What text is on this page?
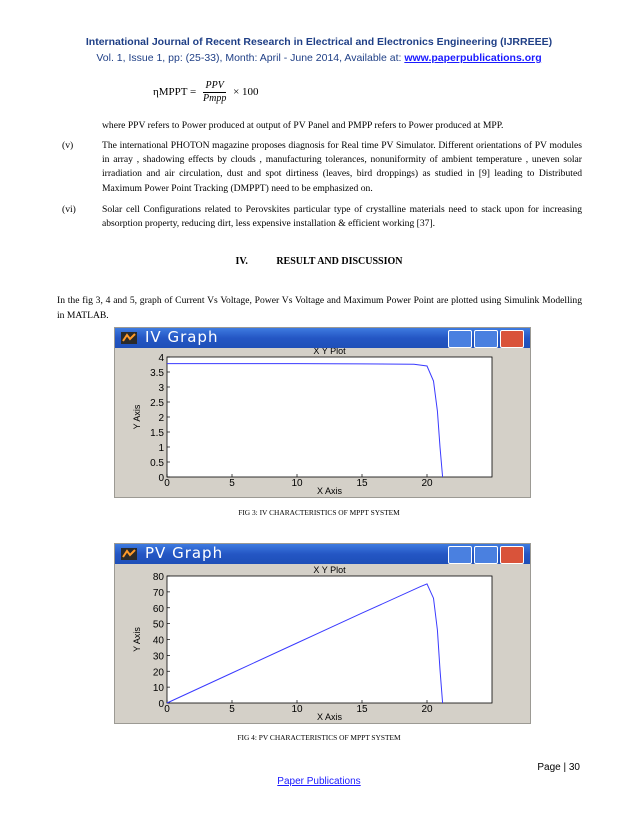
International Journal of Recent Research in Electrical and Electronics Engineering (IJRREEE)
Vol. 1, Issue 1, pp: (25-33), Month: April - June 2014, Available at: www.paperpublications.org
ηMPPT = $\frac{\text{PPV}}{\text{Pmpp}} \times 100$
where PPV refers to Power produced at output of PV Panel and PMPP refers to Power produced at MPP.
(v)	The international PHOTON magazine proposes diagnosis for Real time PV Simulator. Different orientations of PV modules in array , shadowing effects by clouds , manufacturing tolerances, nonuniformity of ambient temperature , uneven solar irradiation and air circulation, dust and spot dirtiness (leaves, bird droppings) as studied in [9] leading to Distributed Maximum Power Point Tracking (DMPPT) need to be emphasized on.
(vi)	Solar cell Configurations related to Perovskites particular type of crystalline materials need to stack upon for increasing absorption property, reducing dirt, less expensive installation & efficient working [37].
IV.	RESULT AND DISCUSSION
In the fig 3, 4 and 5, graph of Current Vs Voltage, Power Vs Voltage and Maximum Power Point are plotted using Simulink Modelling in MATLAB.
IV Graph
X Y Plot
0
0.5
1
1.5
2
2.5
3
3.5
4
0	5	10	15	20
X Axis
Y Axis
FIG 3: IV CHARACTERISTICS OF MPPT SYSTEM
PV Graph
X Y Plot
0
10
20
30
40
50
60
70
80
0	5	10	15	20
X Axis
Y Axis
FIG 4: PV CHARACTERISTICS OF MPPT SYSTEM
Page | 30
Paper Publications
